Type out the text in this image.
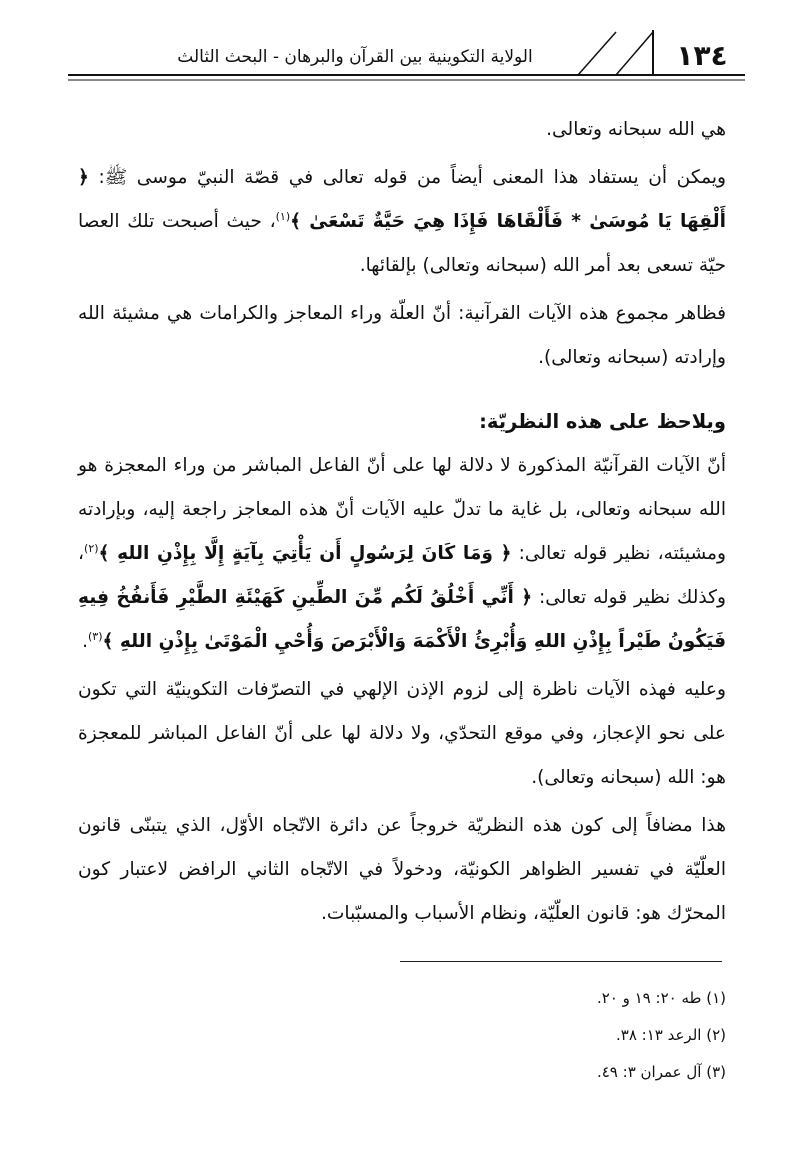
١٣٤
الولاية التكوينية بين القرآن والبرهان - البحث الثالث

هي الله سبحانه وتعالى.

ويمكن أن يستفاد هذا المعنى أيضاً من قوله تعالى في قصّة النبيّ موسى ﷺ: ﴿ أَلْقِهَا يَا مُوسَىٰ * فَأَلْقَاهَا فَإِذَا هِيَ حَيَّةٌ تَسْعَىٰ ﴾$^{(١)}$، حيث أصبحت تلك العصا حيّة تسعى بعد أمر الله (سبحانه وتعالى) بإلقائها.

فظاهر مجموع هذه الآيات القرآنية: أنّ العلّة وراء المعاجز والكرامات هي مشيئة الله وإرادته (سبحانه وتعالى).

ويلاحظ على هذه النظريّة:

أنّ الآيات القرآنيّة المذكورة لا دلالة لها على أنّ الفاعل المباشر من وراء المعجزة هو الله سبحانه وتعالى، بل غاية ما تدلّ عليه الآيات أنّ هذه المعاجز راجعة إليه، وبإرادته ومشيئته، نظير قوله تعالى: ﴿ وَمَا كَانَ لِرَسُولٍ أَن يَأْتِيَ بِآيَةٍ إِلَّا بِإِذْنِ اللهِ ﴾$^{(٢)}$، وكذلك نظير قوله تعالى: ﴿ أَنِّي أَخْلُقُ لَكُم مِّنَ الطِّينِ كَهَيْئَةِ الطَّيْرِ فَأَنفُخُ فِيهِ فَيَكُونُ طَيْراً بِإِذْنِ اللهِ وَأُبْرِئُ الْأَكْمَهَ وَالْأَبْرَصَ وَأُحْيِ الْمَوْتَىٰ بِإِذْنِ اللهِ ﴾$^{(٣)}$.

وعليه فهذه الآيات ناظرة إلى لزوم الإذن الإلهي في التصرّفات التكوينيّة التي تكون على نحو الإعجاز، وفي موقع التحدّي، ولا دلالة لها على أنّ الفاعل المباشر للمعجزة هو: الله (سبحانه وتعالى).

هذا مضافاً إلى كون هذه النظريّة خروجاً عن دائرة الاتّجاه الأوّل، الذي يتبنّى قانون العلّيّة في تفسير الظواهر الكونيّة، ودخولاً في الاتّجاه الثاني الرافض لاعتبار كون المحرّك هو: قانون العلّيّة، ونظام الأسباب والمسبّبات.

(١) طه ٢٠: ١٩ و ٢٠.
(٢) الرعد ١٣: ٣٨.
(٣) آل عمران ٣: ٤٩.
